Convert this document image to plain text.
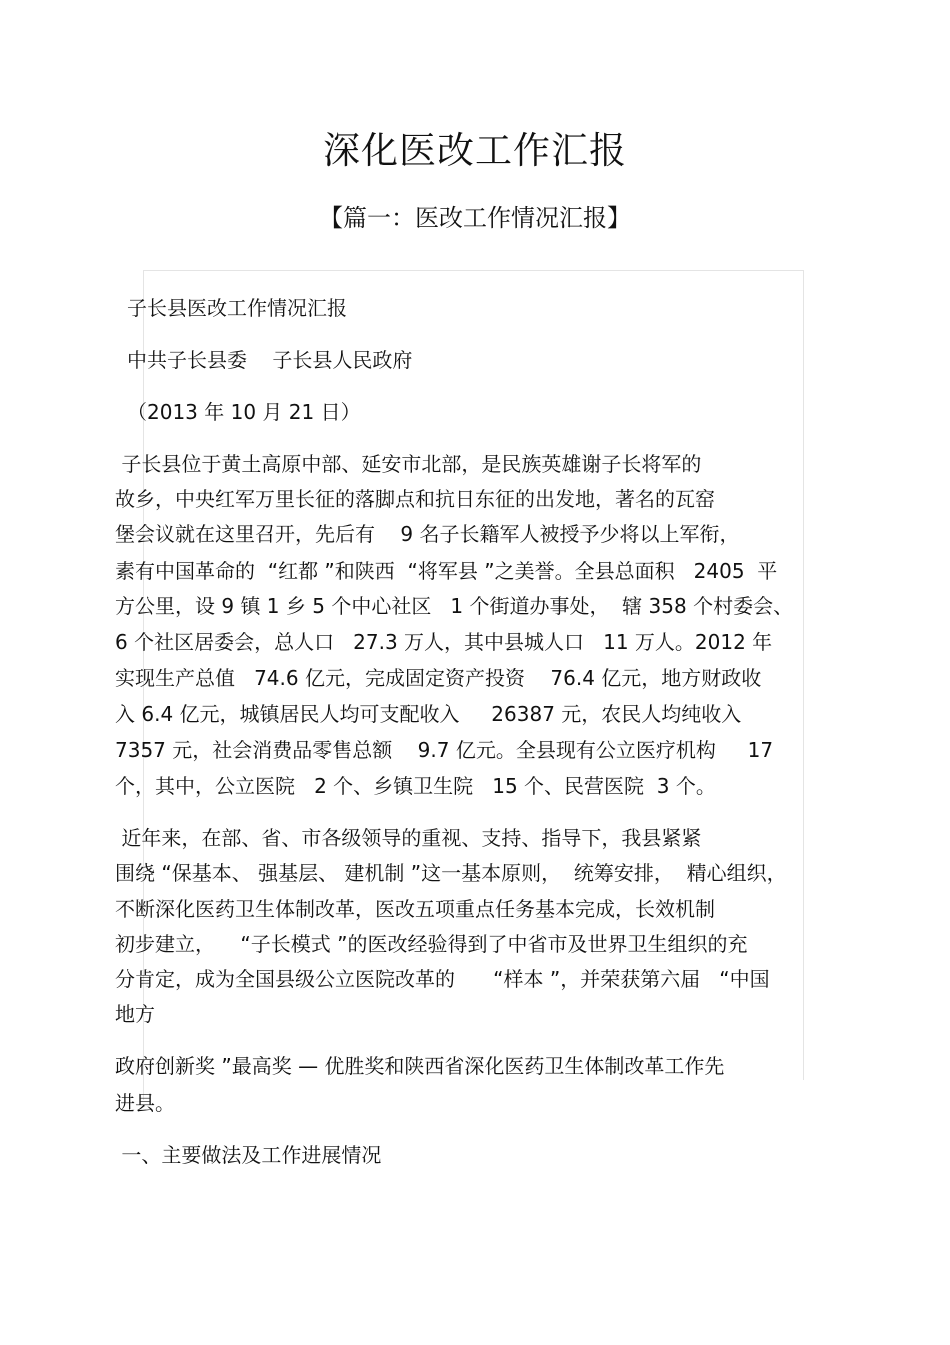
深化医改工作汇报
【篇一：医改工作情况汇报】
子长县医改工作情况汇报
中共子长县委    子长县人民政府
（2013 年 10 月 21 日）
子长县位于黄土高原中部、延安市北部，是民族英雄谢子长将军的
故乡，中央红军万里长征的落脚点和抗日东征的出发地，著名的瓦窑
堡会议就在这里召开，先后有    9 名子长籍军人被授予少将以上军衔，
素有中国革命的  “红都 ”和陕西  “将军县 ”之美誉。全县总面积   2405  平
方公里，设 9 镇 1 乡 5 个中心社区   1 个街道办事处，  辖 358 个村委会、
6 个社区居委会，总人口   27.3 万人，其中县城人口   11 万人。2012 年
实现生产总值   74.6 亿元，完成固定资产投资    76.4 亿元，地方财政收
入 6.4 亿元，城镇居民人均可支配收入     26387 元，农民人均纯收入
7357 元，社会消费品零售总额    9.7 亿元。全县现有公立医疗机构     17
个，其中，公立医院   2 个、乡镇卫生院   15 个、民营医院  3 个。
近年来，在部、省、市各级领导的重视、支持、指导下，我县紧紧
围绕 “保基本、 强基层、 建机制 ”这一基本原则，  统筹安排，  精心组织，
不断深化医药卫生体制改革，医改五项重点任务基本完成，长效机制
初步建立，    “子长模式 ”的医改经验得到了中省市及世界卫生组织的充
分肯定，成为全国县级公立医院改革的      “样本 ”，并荣获第六届   “中国
地方
政府创新奖 ”最高奖 — 优胜奖和陕西省深化医药卫生体制改革工作先
进县。
一、主要做法及工作进展情况
